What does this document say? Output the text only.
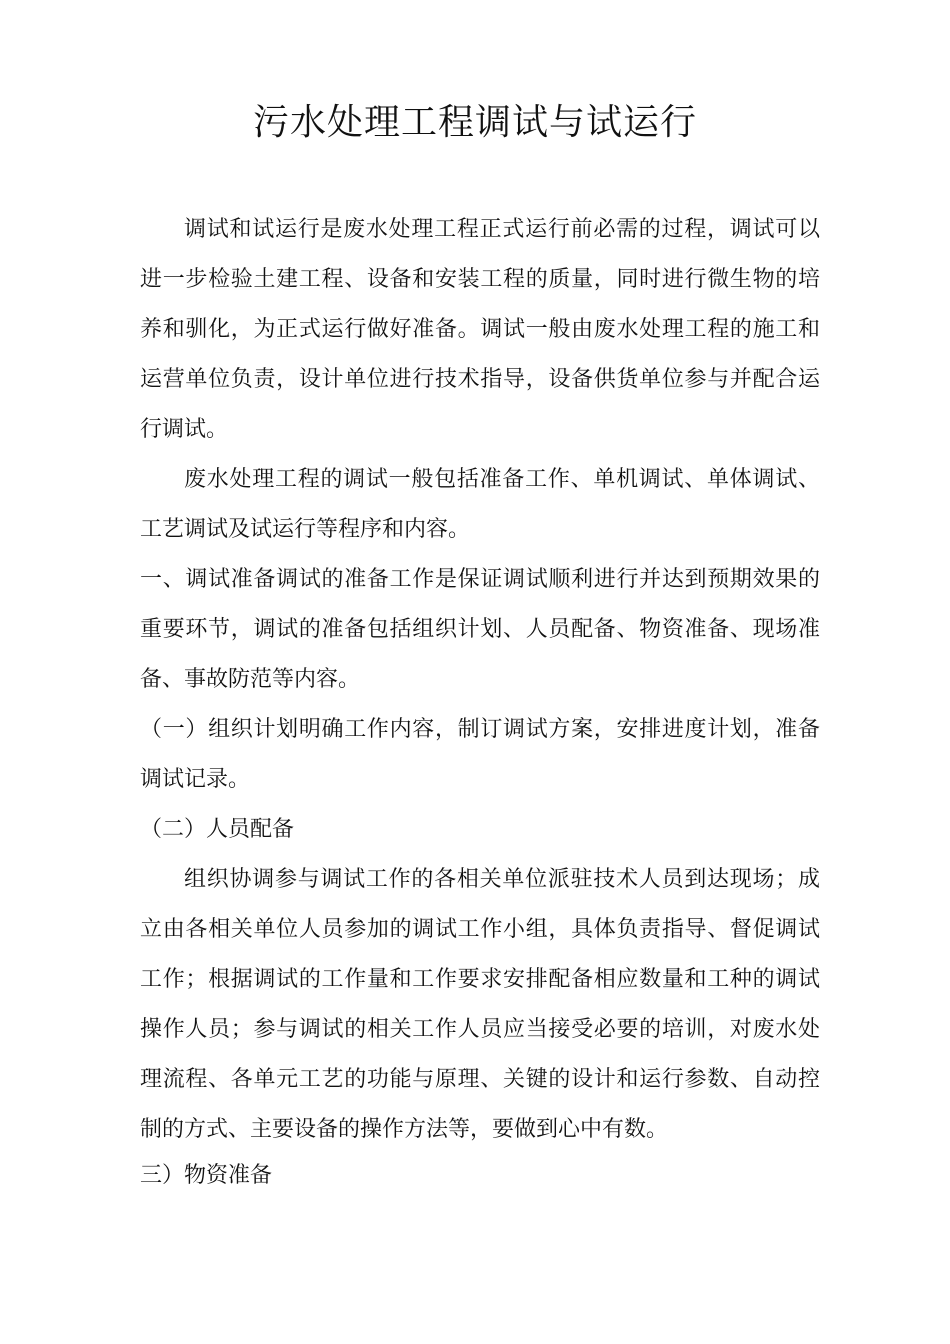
污水处理工程调试与试运行

调试和试运行是废水处理工程正式运行前必需的过程，调试可以进一步检验土建工程、设备和安装工程的质量，同时进行微生物的培养和驯化，为正式运行做好准备。调试一般由废水处理工程的施工和运营单位负责，设计单位进行技术指导，设备供货单位参与并配合运行调试。

废水处理工程的调试一般包括准备工作、单机调试、单体调试、工艺调试及试运行等程序和内容。

一、调试准备调试的准备工作是保证调试顺利进行并达到预期效果的重要环节，调试的准备包括组织计划、人员配备、物资准备、现场准备、事故防范等内容。

（一）组织计划明确工作内容，制订调试方案，安排进度计划，准备调试记录。

（二）人员配备

组织协调参与调试工作的各相关单位派驻技术人员到达现场；成立由各相关单位人员参加的调试工作小组，具体负责指导、督促调试工作；根据调试的工作量和工作要求安排配备相应数量和工种的调试操作人员；参与调试的相关工作人员应当接受必要的培训，对废水处理流程、各单元工艺的功能与原理、关键的设计和运行参数、自动控制的方式、主要设备的操作方法等，要做到心中有数。

三）物资准备
